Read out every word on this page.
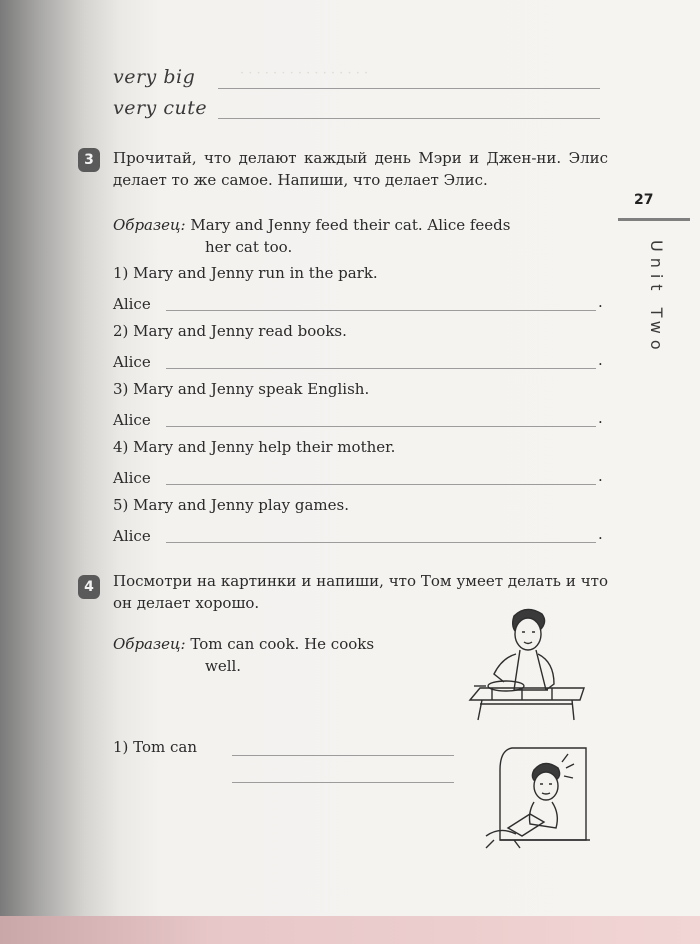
· · · · · · · · · · · · · · · ·
very big
very cute
27
Unit Two
3	Прочитай, что делают каждый день Мэри и Джен-ни. Элис делает то же самое. Напиши, что делает Элис.
Образец: Mary and Jenny feed their cat. Alice feeds
her cat too.
1) Mary and Jenny run in the park.
Alice	.
2) Mary and Jenny read books.
Alice	.
3) Mary and Jenny speak English.
Alice	.
4) Mary and Jenny help their mother.
Alice	.
5) Mary and Jenny play games.
Alice	.
4	Посмотри на картинки и напиши, что Том умеет делать и что он делает хорошо.
Образец: Tom can cook. He cooks
well.
1) Tom can
